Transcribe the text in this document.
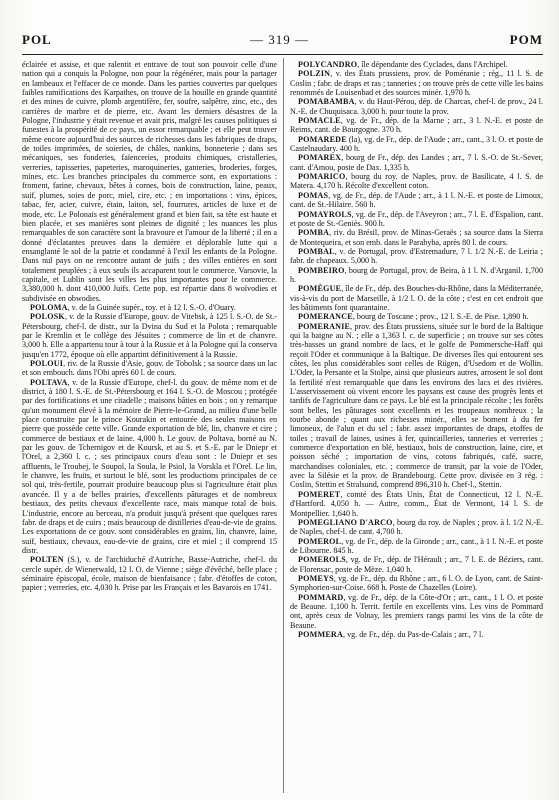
POL	— 319 —	POM

éclairée et assise, et que ralentit et entrave de tout son pouvoir celle d'une nation qui a conquis la Pologne, non pour la régénérer, mais pour la partager en lambeaux et l'effacer de ce monde. Dans les parties couvertes par quelques faibles ramifications des Karpathes, on trouve de la houille en grande quantité et des mines de cuivre, plomb argentifère, fer, soufre, salpêtre, zinc, etc., des carrières de marbre et de pierre, etc. Avant les derniers désastres de la Pologne, l'industrie y était revenue et avait pris, malgré les causes politiques si funestes à la prospérité de ce pays, un essor remarquable ; et elle peut trouver même encore aujourd'hui des sources de richesses dans les fabriques de draps, de toiles imprimées, de soieries, de châles, nankins, bonneterie ; dans ses mécaniques, ses fonderies, faïenceries, produits chimiques, cristalleries, verreries, tapisseries, papeteries, maroquineries, ganteries, broderies, forges, mines, etc. Les branches principales du commerce sont, en exportations : froment, farine, chevaux, bêtes à cornes, bois de construction, laine, peaux, suif, plumes, soies de porc, miel, cire, etc. ; en importations : vins, épices, tabac, fer, acier, cuivre, étain, laiton, sel, fourrures, articles de luxe et de mode, etc. Le Polonais est généralement grand et bien fait, sa tête est haute et bien placée, et ses manières sont pleines de dignité ; les nuances les plus remarquables de son caractère sont la bravoure et l'amour de la liberté ; il en a donné d'éclatantes preuves dans la dernière et déplorable lutte qui a ensanglanté le sol de la patrie et condamné à l'exil les enfants de la Pologne. Dans nul pays on ne rencontre autant de juifs ; des villes entières en sont totalement peuplées ; à eux seuls ils accaparent tout le commerce. Varsovie, la capitale, et Lublin sont les villes les plus importantes pour le commerce. 3,380,000 h. dont 410,000 Juifs. Cette pop. est répartie dans 8 woïvodies et subdivisée en obwodies.

POLOMA, v. de la Guinée supér., roy. et à 12 l. S.-O. d'Ouary.

POLOSK, v. de la Russie d'Europe, gouv. de Vitebsk, à 125 l. S.-O. de St.-Pétersbourg, chef-l. de distr., sur la Dvina du Sud et la Polota ; remarquable par le Kremlin et le collège des Jésuites ; commerce de lin et de chanvre. 3,000 h. Elle a appartenu tour à tour à la Russie et à la Pologne qui la conserva jusqu'en 1772, époque où elle appartint définitivement à la Russie.

POLOUI, riv. de la Russie d'Asie, gouv. de Tobolsk ; sa source dans un lac et son embouch. dans l'Obi après 60 l. de cours.

POLTAVA, v. de la Russie d'Europe, chef-l. du gouv. de même nom et de district, à 180 l. S.-E. de St.-Pétersbourg et 164 l. S.-O. de Moscou ; protégée par des fortifications et une citadelle ; maisons bâties en bois ; on y remarque qu'un monument élevé à la mémoire de Pierre-le-Grand, au milieu d'une belle place construite par le prince Kourakin et entourée des seules maisons en pierre que possède cette ville. Grande exportation de blé, lin, chanvre et cire ; commerce de bestiaux et de laine. 4,000 h. Le gouv. de Poltava, borné au N. par les gouv. de Tchernigov et de Koursk, et au S. et S.-E. par le Dniepr et l'Orel, a 2,360 l. c. ; ses principaux cours d'eau sont : le Dniepr et ses affluents, le Troubej, le Soupoï, la Soula, le Psiol, la Vorskla et l'Orel. Le lin, le chanvre, les fruits, et surtout le blé, sont les productions principales de ce sol qui, très-fertile, pourrait produire beaucoup plus si l'agriculture était plus avancée. Il y a de belles prairies, d'excellents pâturages et de nombreux bestiaux, des petits chevaux d'excellente race, mais manque total de bois. L'industrie, encore au berceau, n'a produit jusqu'à présent que quelques rares fabr. de draps et de cuirs ; mais beaucoup de distilleries d'eau-de-vie de grains. Les exportations de ce gouv. sont considérables en grains, lin, chanvre, laine, suif, bestiaux, chevaux, eau-de-vie de grains, cire et miel ; il comprend 15 distr.

POLTEN (S.), v. de l'archiduché d'Autriche, Basse-Autriche, chef-l. du cercle supér. de Wienerwald, 12 l. O. de Vienne ; siège d'évêché, belle place ; séminaire épiscopal, école, maison de bienfaisance ; fabr. d'étoffes de coton, papier ; verreries, etc. 4,030 h. Prise par les Français et les Bavarois en 1741.

POLYCANDRO, île dépendante des Cyclades, dans l'Archipel.

POLZIN, v. des États prussiens, prov. de Poméranie ; rég., 11 l. S. de Coslin ; fabr. de draps et ras ; tanneries ; on trouve près de cette ville les bains renommés de Louisenbad et des sources minér. 1,970 h.

POMABAMBA, v. du Haut-Pérou, dép. de Charcas, chef-l. de prov., 24 l. N.-E. de Chuquisaca. 3,000 h. pour toute la prov.

POMACLE, vg. de Fr., dép. de la Marne ; arr., 3 l. N.-E. et poste de Reims, cant. de Bourgogne. 370 h.

POMAREDE (la), vg. de Fr., dép. de l'Aude ; arr., cant., 3 l. O. et poste de Castelnaudary. 400 h.

POMAREX, bourg de Fr., dép. des Landes ; arr., 7 l. S.-O. de St.-Sever, cant. d'Amou, poste de Dax. 1,335 h.

POMARICO, bourg du roy. de Naples, prov. de Basilicate, 4 l. S. de Matera. 4,170 h. Récolte d'excellent coton.

POMAS, vg. de Fr., dép. de l'Aude ; arr., à 1 l. N.-E. et poste de Limoux, cant. de St.-Hilaire. 560 h.

POMAYROLS, vg. de Fr., dép. de l'Aveyron ; arr., 7 l. E. d'Espalion, cant. et poste de St.-Geniès. 900 h.

POMBA, riv. du Brésil, prov. de Minas-Geraës ; sa source dans la Sierra de Montequeira, et son emb. dans le Parahyba, après 80 l. de cours.

POMBAL, v. de Portugal, prov. d'Estremadure, 7 l. 1/2 N.-E. de Leiria ; fabr. de chapeaux. 5,000 h.

POMBEIRO, bourg de Portugal, prov. de Beira, à 1 l. N. d'Arganil. 1,700 h.

POMÈGUE, île de Fr., dép. des Bouches-du-Rhône, dans la Méditerranée, vis-à-vis du port de Marseille, à 1/2 l. O. de la côte ; c'est en cet endroit que les bâtiments font quarantaine.

POMERANCE, bourg de Toscane ; prov., 12 l. S.-E. de Pise. 1,890 h.

POMERANIE, prov. des États prussiens, située sur le bord de la Baltique qui la baigne au N. ; elle a 1,363 l. c. de superficie ; on trouve sur ses côtes très-basses un grand nombre de lacs, et le golfe de Pommersche-Haff qui reçoit l'Oder et communique à la Baltique. De diverses îles qui entourent ses côtes, les plus considérables sont celles de Rügen, d'Usedom et de Wollin. L'Oder, la Persante et la Stolpe, ainsi que plusieurs autres, arrosent le sol dont la fertilité n'est remarquable que dans les environs des lacs et des rivières. L'asservissement où vivent encore les paysans est cause des progrès lents et tardifs de l'agriculture dans ce pays. Le blé est la principale récolte ; les forêts sont belles, les pâturages sont excellents et les troupeaux nombreux ; la tourbe abonde ; quant aux richesses minér., elles se bornent à du fer limoneux, de l'alun et du sel ; fabr. assez importantes de draps, etoffes de toiles ; travail de laines, usines à fer, quincailleries, tanneries et verreries ; commerce d'exportation en blé, bestiaux, bois de construction, laine, cire, et poisson séché ; importation de vins, cotons fabriqués, café, sucre, marchandises coloniales, etc. ; commerce de transit, par la voie de l'Oder, avec la Silésie et la prov. de Brandebourg. Cette prov. divisée en 3 rég. : Coslin, Stettin et Stralsund, comprend 896,310 h. Chef-l., Stettin.

POMERET, comté des États Unis, État de Connecticut, 12 l. N.-E. d'Hartford. 4,050 h. — Autre, comm., État de Vermont, 14 l. S. de Montpellier. 1,640 h.

POMEGLIANO D'ARCO, bourg du roy. de Naples ; prov. à l. 1/2 N.-E. de Naples, chef-l. de cant. 4,700 h.

POMEROL, vg. de Fr., dép. de la Gironde ; arr., cant., à 1 l. N.-E. et poste de Libourne. 845 h.

POMEROLS, vg. de Fr., dép. de l'Hérault ; arr., 7 l. E. de Béziers, cant. de Florensac, poste de Mèze. 1,040 h.

POMEYS, vg. de Fr., dép. du Rhône ; arr., 6 l. O. de Lyon, cant. de Saint-Symphorien-sur-Coise. 668 h. Poste de Chazelles (Loire).

POMMARD, vg. de Fr., dép. de la Côte-d'Or ; arr., cant., 1 l. O. et poste de Beaune. 1,100 h. Territ. fertile en excellents vins. Les vins de Pommard ont, après ceux de Volnay, les premiers rangs parmi les vins de la côte de Beaune.

POMMERA, vg. de Fr., dép. du Pas-de-Calais ; arr., 7 l.
